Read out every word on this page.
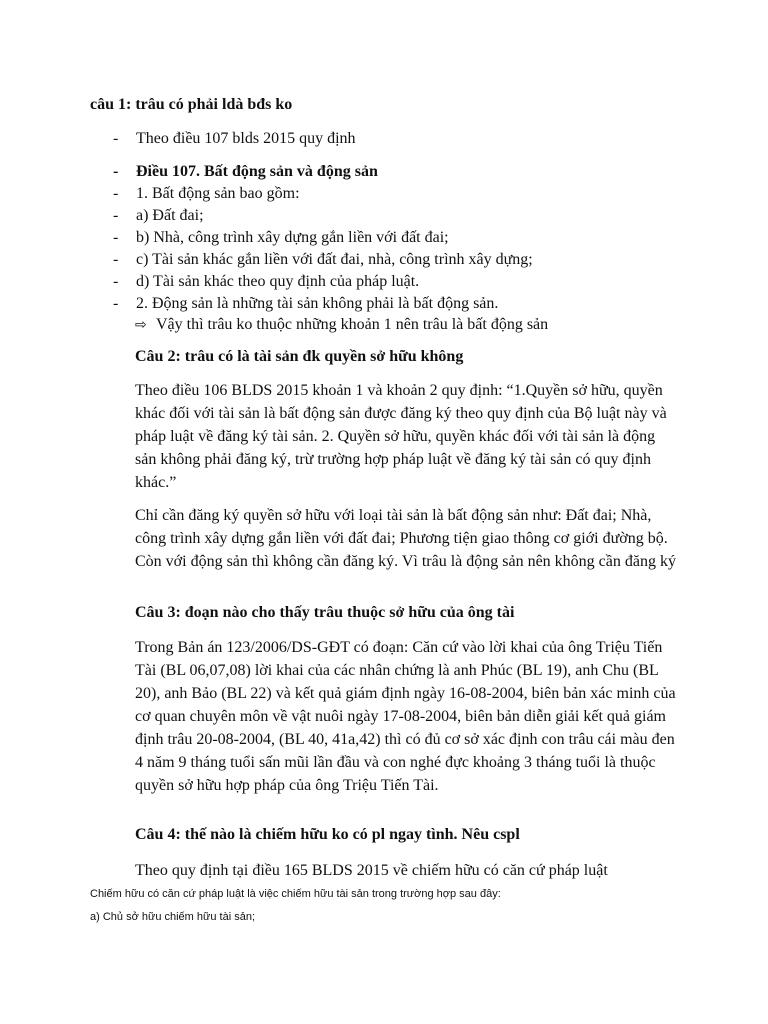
câu 1: trâu có phải ldà bđs ko
- Theo điều 107 blds 2015 quy định
- Điều 107. Bất động sản và động sản
- 1. Bất động sản bao gồm:
- a) Đất đai;
- b) Nhà, công trình xây dựng gắn liền với đất đai;
- c) Tài sản khác gắn liền với đất đai, nhà, công trình xây dựng;
- d) Tài sản khác theo quy định của pháp luật.
- 2. Động sản là những tài sản không phải là bất động sản.
⇨ Vậy thì trâu ko thuộc những khoản 1 nên trâu là bất động sản
Câu 2: trâu có là tài sản đk quyền sở hữu không

Theo điều 106 BLDS 2015 khoản 1 và khoản 2 quy định: “1.Quyền sở hữu, quyền khác đối với tài sản là bất động sản được đăng ký theo quy định của Bộ luật này và pháp luật về đăng ký tài sản. 2. Quyền sở hữu, quyền khác đối với tài sản là động sản không phải đăng ký, trừ trường hợp pháp luật về đăng ký tài sản có quy định khác.”

Chỉ cần đăng ký quyền sở hữu với loại tài sản là bất động sản như: Đất đai; Nhà, công trình xây dựng gắn liền với đất đai; Phương tiện giao thông cơ giới đường bộ. Còn với động sản thì không cần đăng ký. Vì trâu là động sản nên không cần đăng ký

Câu 3: đoạn nào cho thấy trâu thuộc sở hữu của ông tài

Trong Bản án 123/2006/DS-GĐT có đoạn: Căn cứ vào lời khai của ông Triệu Tiến Tài (BL 06,07,08) lời khai của các nhân chứng là anh Phúc (BL 19), anh Chu (BL 20), anh Bảo (BL 22) và kết quả giám định ngày 16-08-2004, biên bản xác minh của cơ quan chuyên môn về vật nuôi ngày 17-08-2004, biên bản diễn giải kết quả giám định trâu 20-08-2004, (BL 40, 41a,42) thì có đủ cơ sở xác định con trâu cái màu đen 4 năm 9 tháng tuổi sấn mũi lần đầu và con nghé đực khoảng 3 tháng tuổi là thuộc quyền sở hữu hợp pháp của ông Triệu Tiến Tài.

Câu 4: thế nào là chiếm hữu ko có pl ngay tình. Nêu cspl

Theo quy định tại điều 165 BLDS 2015 về chiếm hữu có căn cứ pháp luật

Chiếm hữu có căn cứ pháp luật là việc chiếm hữu tài sản trong trường hợp sau đây:
a) Chủ sở hữu chiếm hữu tài sản;
